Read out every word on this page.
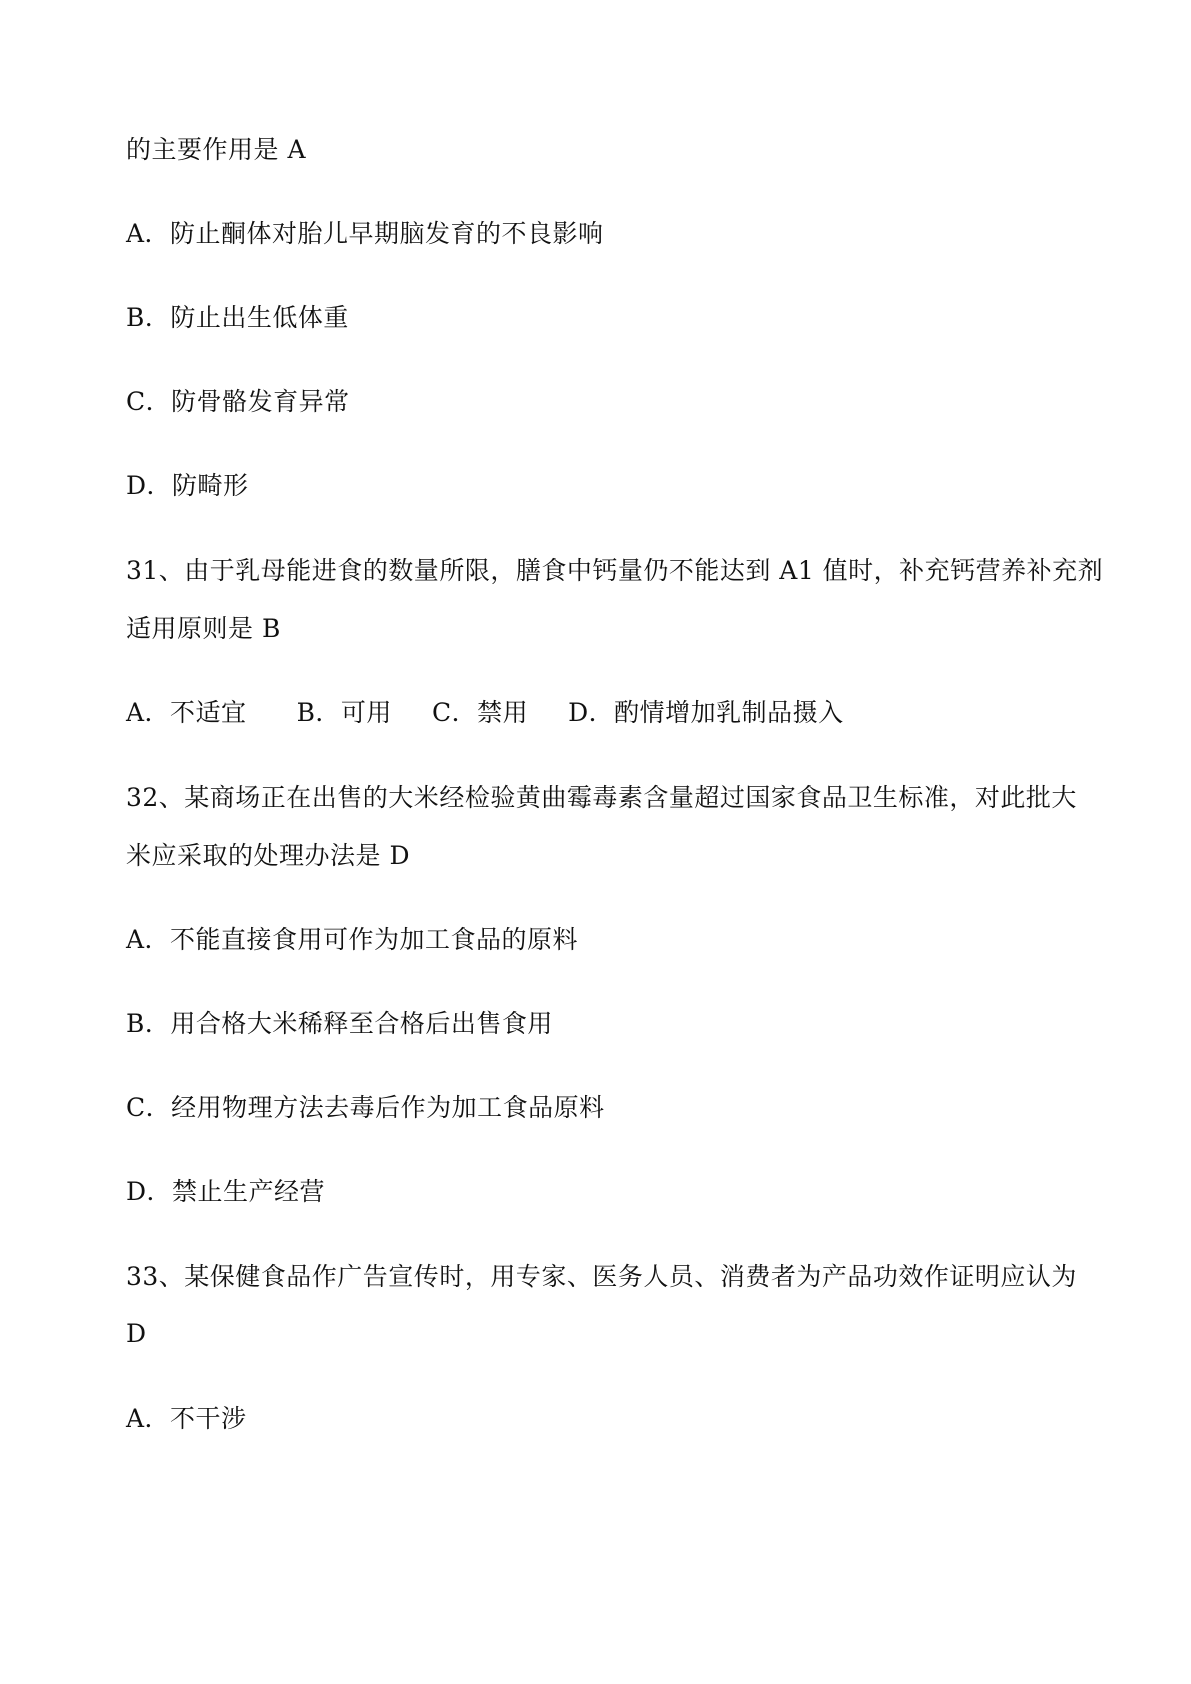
的主要作用是 A
A．防止酮体对胎儿早期脑发育的不良影响
B．防止出生低体重
C．防骨骼发育异常
D．防畸形
31、由于乳母能进食的数量所限，膳食中钙量仍不能达到 A1 值时，补充钙营养补充剂
适用原则是 B
A．不适宜 B．可用 C．禁用 D．酌情增加乳制品摄入
32、某商场正在出售的大米经检验黄曲霉毒素含量超过国家食品卫生标准，对此批大
米应采取的处理办法是 D
A．不能直接食用可作为加工食品的原料
B．用合格大米稀释至合格后出售食用
C．经用物理方法去毒后作为加工食品原料
D．禁止生产经营
33、某保健食品作广告宣传时，用专家、医务人员、消费者为产品功效作证明应认为
D
A．不干涉
